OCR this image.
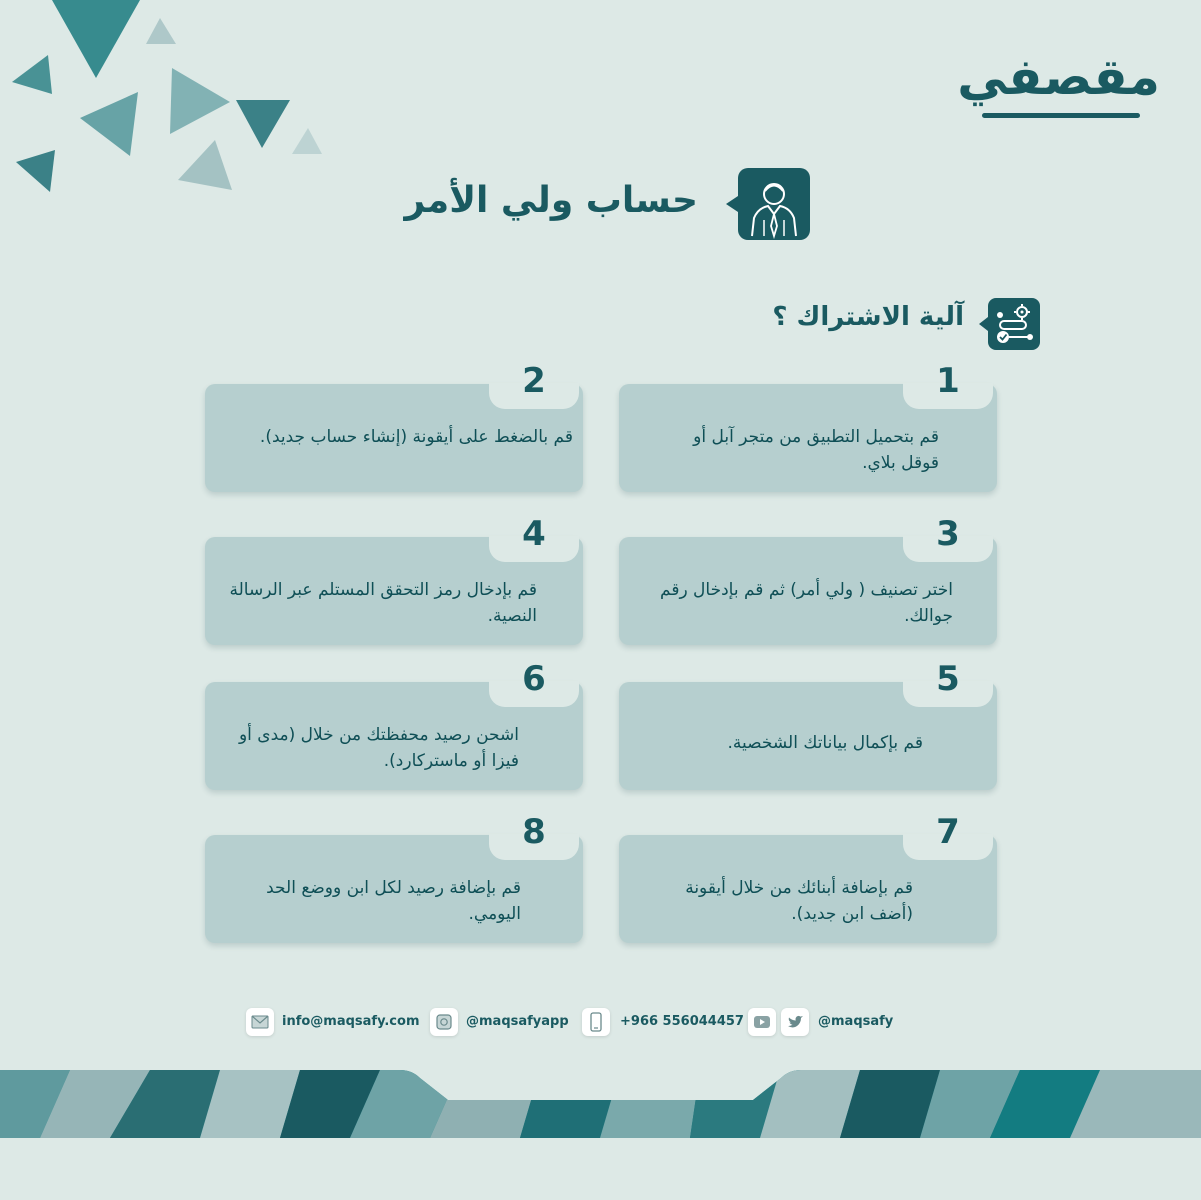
مقصفي
حساب ولي الأمر
آلية الاشتراك ؟
1
قم بتحميل التطبيق من متجر آبل أو قوقل بلاي.
2
قم بالضغط على أيقونة (إنشاء حساب جديد).
3
اختر تصنيف ( ولي أمر) ثم قم بإدخال رقم جوالك.
4
قم بإدخال رمز التحقق المستلم عبر الرسالة النصية.
5
قم بإكمال بياناتك الشخصية.
6
اشحن رصيد محفظتك من خلال (مدى أو فيزا أو ماستركارد).
7
قم بإضافة أبنائك من خلال أيقونة (أضف ابن جديد).
8
قم بإضافة رصيد لكل ابن ووضع الحد اليومي.
info@maqsafy.com	@maqsafyapp	+966 556044457	@maqsafy
